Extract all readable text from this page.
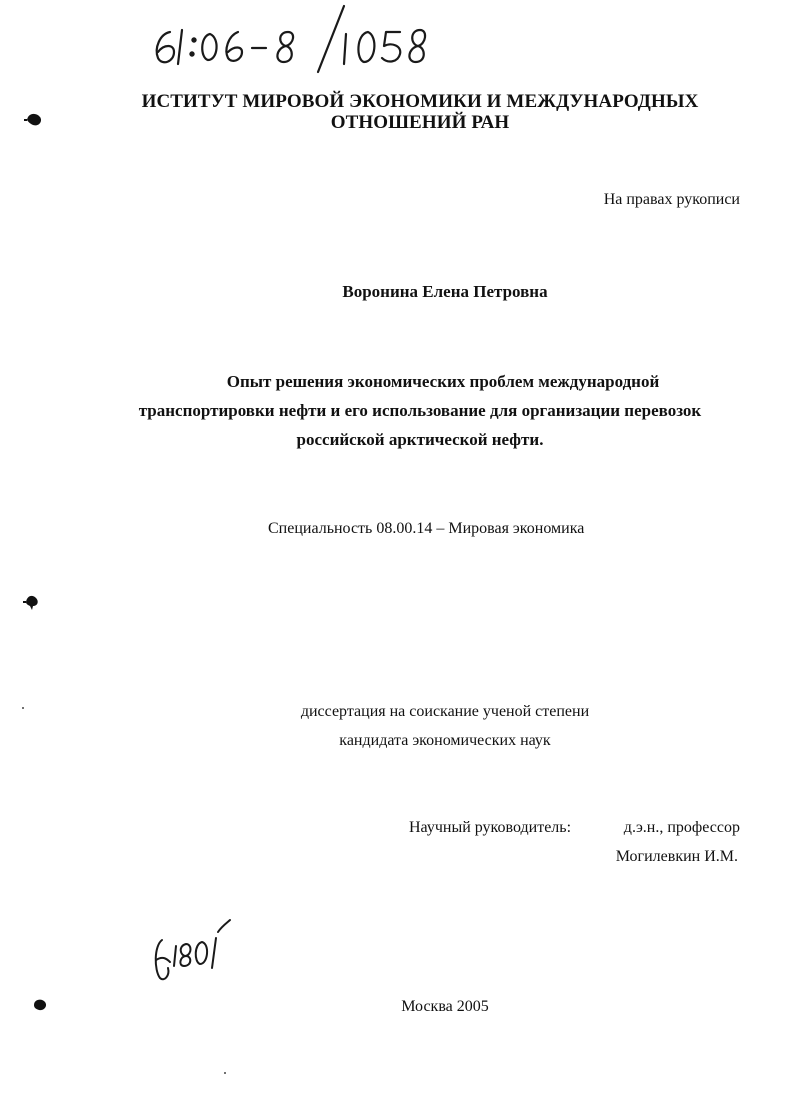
ИСТИТУТ МИРОВОЙ ЭКОНОМИКИ И МЕЖДУНАРОДНЫХ
ОТНОШЕНИЙ РАН
На правах рукописи
Воронина Елена Петровна
Опыт решения экономических проблем международной
транспортировки нефти и его использование для организации перевозок
российской арктической нефти.
Специальность 08.00.14 – Мировая экономика
диссертация на соискание ученой степени
кандидата экономических наук
Научный руководитель:	д.э.н., профессор
Могилевкин И.М.
Москва 2005
